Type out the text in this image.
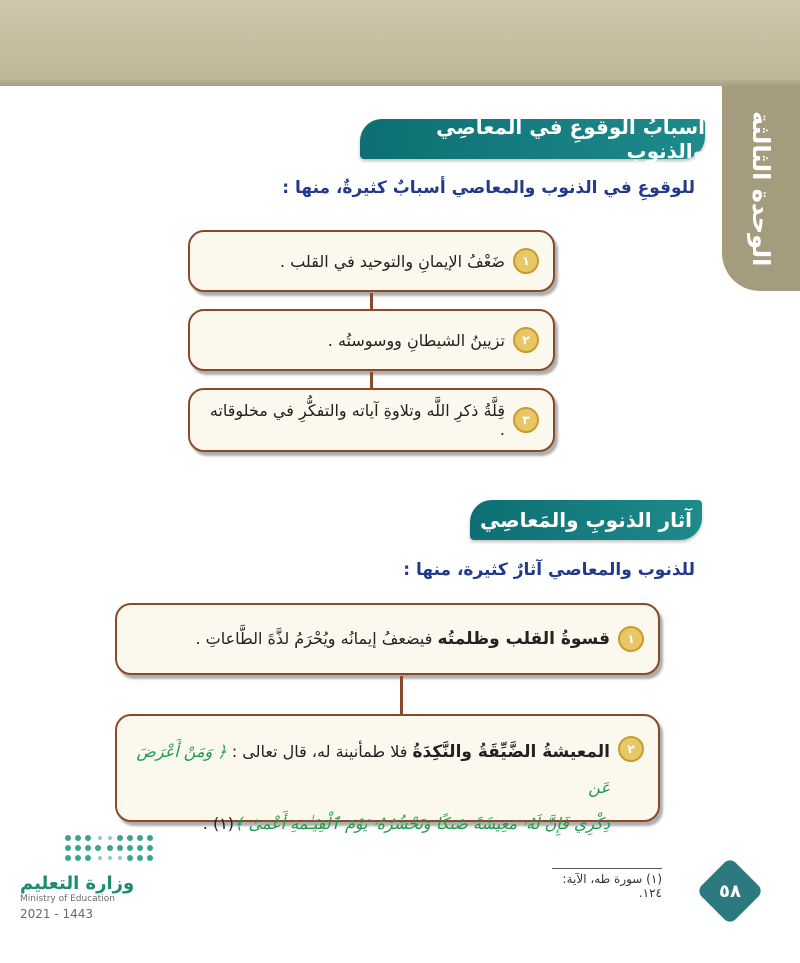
الوحدة الثالثة
أسبابُ الوقوعِ في المعاصِي والذنوب
للوقوعِ في الذنوب والمعاصي أسبابٌ كثيرةٌ، منها :
١
ضَعْفُ الإيمانِ والتوحيد في القلب .
٢
تزيينُ الشيطانِ ووسوستُه .
٣
قِلَّةُ ذكرِ اللَّه وتلاوةِ آياته والتفكُّرِ في مخلوقاته .
آثار الذنوبِ والمَعاصِي
للذنوب والمعاصي آثارٌ كثيرة، منها :
١
قسوةُ القلب وظلمتُه فيضعفُ إيمانُه ويُحْرَمُ لذَّةَ الطَّاعاتِ .
٢
المعيشةُ الضَّيِّقَةُ والنَّكِدَةُ فلا طمأنينة له، قال تعالى : ﴿ وَمَنْ أَعْرَضَ عَن
ذِكْرِي فَإِنَّ لَهُۥ مَعِيشَةً ضَنكًا وَنَحْشُرُهُۥ يَوْمَ ٱلْقِيَـٰمَةِ أَعْمَىٰ ﴾(١) .
(١) سورة طه، الآية: ١٢٤.	٥٨
وزارة التعليم
Ministry of Education
2021 - 1443
